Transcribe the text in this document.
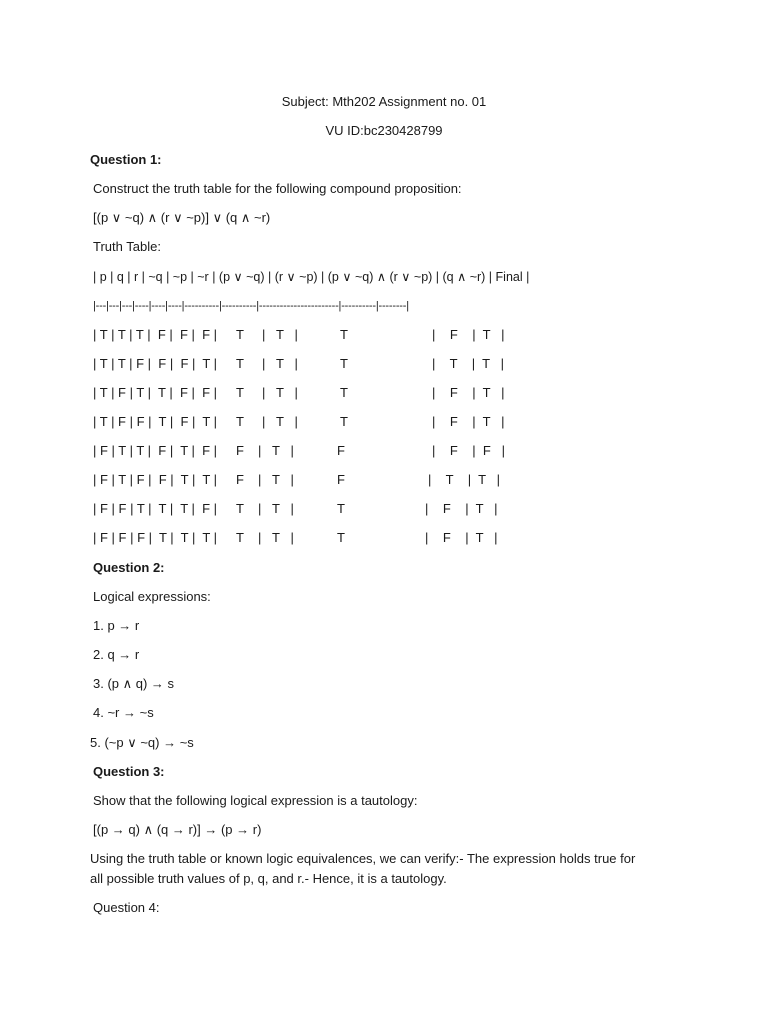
Subject: Mth202 Assignment no. 01
VU ID:bc230428799
Question 1:
Construct the truth table for the following compound proposition:
[(p ∨ ~q) ∧ (r ∨ ~p)] ∨ (q ∧ ~r)
Truth Table:
| p | q | r | ~q | ~p | ~r | (p ∨ ~q) | (r ∨ ~p) | (p ∨ ~q) ∧ (r ∨ ~p) | (q ∧ ~r) | Final |
|---|---|---|----|----|----|----------|----------|-----------------------|----------|--------|
| T | T | T |  F |  F |  F | T |   T   |	T	|    F    |  T   |
| T | T | F |  F |  F |  T | T |   T   |	T	|    T    |  T   |
| T | F | T |  T |  F |  F | T |   T   |	T	|    F    |  T   |
| T | F | F |  T |  F |  T | T |   T   |	T	|    F    |  T   |
| F | T | T |  F |  T |  F | F |   T   |	F	|    F    |  F   |
| F | T | F |  F |  T |  T | F |   T   |	F	|    T    |  T   |
| F | F | T |  T |  T |  F | T |   T   |	T	|    F    |  T   |
| F | F | F |  T |  T |  T | T |   T   |	T	|    F    |  T   |
Question 2:
Logical expressions:
1. p → r
2. q → r
3. (p ∧ q) → s
4. ~r → ~s
5. (~p ∨ ~q) → ~s
Question 3:
Show that the following logical expression is a tautology:
[(p → q) ∧ (q → r)] → (p → r)
Using the truth table or known logic equivalences, we can verify:- The expression holds true for all possible truth values of p, q, and r.- Hence, it is a tautology.
Question 4:
